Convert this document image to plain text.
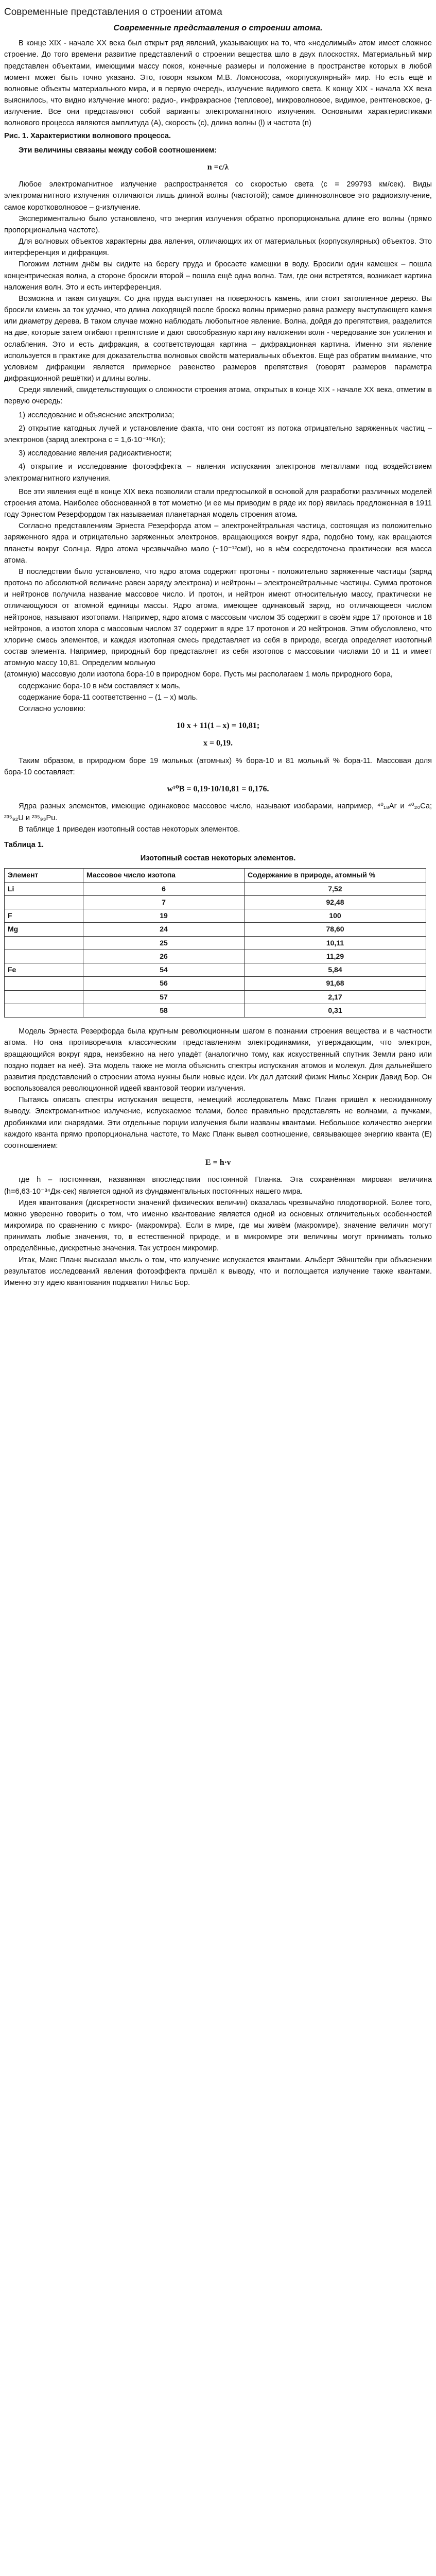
Современные представления о строении атома
Современные представления о строении атома.

В конце XIX - начале XX века был открыт ряд явлений, указывающих на то, что «неделимый» атом имеет сложное строение. До того времени развитие представлений о строении вещества шло в двух плоскостях. Материальный мир представлен объектами, имеющими массу покоя, конечные размеры и положение в пространстве которых в любой момент может быть точно указано. Это, говоря языком М.В. Ломоносова, «корпускулярный» мир. Но есть ещё и волновые объекты материального мира, и в первую очередь, излучение видимого света. К концу XIX - начала XX века выяснилось, что видно излучение много: радио-, инфракрасное (тепловое), микроволновое, видимое, рентгеновское, g-излучение. Все они представляют собой варианты электромагнитного излучения. Основными характеристиками волнового процесса являются амплитуда (A), скорость (c), длина волны (l) и частота (n)

Рис. 1. Характеристики волнового процесса.

Эти величины связаны между собой соотношением:

n =c/λ

Любое электромагнитное излучение распространяется со скоростью света (с = 299793 км/сек). Виды электромагнитного излучения отличаются лишь длиной волны (частотой); самое длинноволновое это радиоизлучение, самое коротковолновое – g-излучение.

Экспериментально было установлено, что энергия излучения обратно пропорциональна длине его волны (прямо пропорциональна частоте).

Для волновых объектов характерны два явления, отличающих их от материальных (корпускулярных) объектов. Это интерференция и дифракция.

Погожим летним днём вы сидите на берегу пруда и бросаете камешки в воду. Бросили один камешек – пошла концентрическая волна, а стороне бросили второй – пошла ещё одна волна. Там, где они встретятся, возникает картина наложения волн. Это и есть интерференция.

Возможна и такая ситуация. Со дна пруда выступает на поверхность камень, или стоит затопленное дерево. Вы бросили камень за ток удачно, что длина лоходящей после броска волны примерно равна размеру выступающего камня или диаметру дерева. В таком случае можно наблюдать любопытное явление. Волна, дойдя до препятствия, разделится на две, которые затем огибают препятствие и дают свособразную картину наложения волн - чередование зон усиления и ослабления. Это и есть дифракция, а соответствующая картина – дифракционная картина. Именно эти явление используется в практике для доказательства волновых свойств материальных объектов. Ещё раз обратим внимание, что условием дифракции является примерное равенство размеров препятствия (говорят размеров параметра дифракционной решётки) и длины волны.

Среди явлений, свидетельствующих о сложности строения атома, открытых в конце XIX - начале XX века, отметим в первую очередь:

1) исследование и объяснение электролиза;

2) открытие катодных лучей и установление факта, что они состоят из потока отрицательно заряженных частиц – электронов (заряд электрона с = 1,6·10⁻¹⁹Кл);

3) исследование явления радиоактивности;

4) открытие и исследование фотоэффекта – явления испускания электронов металлами под воздействием электромагнитного излучения.

Все эти явления ещё в конце XIX века позволили стали предпосылкой в основой для разработки различных моделей строения атома. Наиболее обоснованной в тот мометно (и ее мы приводим в ряде их пор) явилась предложенная в 1911 году Эрнестом Резерфордом так называемая планетарная модель строения атома.

Согласно представлениям Эрнеста Резерфорда атом – электронейтральная частица, состоящая из положительно заряженного ядра и отрицательно заряженных электронов, вращающихся вокруг ядра, подобно тому, как вращаются планеты вокруг Солнца. Ядро атома чрезвычайно мало (~10⁻¹²см!), но в нём сосредоточена практически вся масса атома.

В последствии было установлено, что ядро атома содержит протоны - положительно заряженные частицы (заряд протона по абсолютной величине равен заряду электрона) и нейтроны – электронейтральные частицы. Сумма протонов и нейтронов получила название массовое число. И протон, и нейтрон имеют относительную массу, практически не отличающуюся от атомной единицы массы. Ядро атома, имеющее одинаковый заряд, но отличающееся числом нейтронов, называют изотопами. Например, ядро атома с массовым числом 35 содержит в своём ядре 17 протонов и 18 нейтронов, а изотоп хлора с массовым числом 37 содержит в ядре 17 протонов и 20 нейтронов. Этим обусловлено, что хлорине смесь элементов, и каждая изотопная смесь представляет из себя в природе, всегда определяет изотопный состав элемента. Например, природный бор представляет из себя изотопов с массовыми числами 10 и 11 и имеет атомную массу 10,81. Определим мольную

(атомную) массовую доли изотопа бора-10 в природном боре. Пусть мы располагаем 1 моль природного бора,

содержание бора-10 в нём составляет x моль,

содержание бора-11 соответственно – (1 – x) моль.

Согласно условию:

10 x + 11(1 – x) = 10,81;
x = 0,19.

Таким образом, в природном боре 19 мольных (атомных) % бора-10 и 81 мольный % бора-11. Массовая доля бора-10 составляет:

w¹⁰B = 0,19·10/10,81 = 0,176.

Ядра разных элементов, имеющие одинаковое массовое число, называют изобарами, например, ⁴⁰₁₈Ar и ⁴⁰₂₀Ca; ²³⁵₉₂U и ²³⁵₉₃Pu.

В таблице 1 приведен изотопный состав некоторых элементов.

Таблица 1.
Изотопный состав некоторых элементов.
Элемент	Массовое число изотопа	Содержание в природе, атомный %
Li	6	7,52
	7	92,48
F	19	100
Mg	24	78,60
	25	10,11
	26	11,29
Fe	54	5,84
	56	91,68
	57	2,17
	58	0,31

Модель Эрнеста Резерфорда была крупным революционным шагом в познании строения вещества и в частности атома. Но она противоречила классическим представлениям электродинамики, утверждающим, что электрон, вращающийся вокруг ядра, неизбежно на него упадёт (аналогично тому, как искусственный спутник Земли рано или поздно подает на неё). Эта модель также не могла объяснить спектры испускания атомов и молекул. Для дальнейшего развития представлений о строении атома нужны были новые идеи. Их дал датский физик Нильс Хенрик Давид Бор. Он воспользовался революционной идеей квантовой теории излучения.

Пытаясь описать спектры испускания веществ, немецкий исследователь Макс Планк пришёл к неожиданному выводу. Электромагнитное излучение, испускаемое телами, более правильно представлять не волнами, а пучками, дробинками или снарядами. Эти отдельные порции излучения были названы квантами. Небольшое количество энергии каждого кванта прямо пропорциональна частоте, то Макс Планк вывел соотношение, связывающее энергию кванта (Е) соотношением:

E = h·ν

где h – постоянная, названная впоследствии постоянной Планка. Эта сохранённая мировая величина (h=6,63·10⁻³⁴Дж·сек) является одной из фундаментальных постоянных нашего мира.

Идея квантования (дискретности значений физических величин) оказалась чрезвычайно плодотворной. Более того, можно уверенно говорить о том, что именно квантование является одной из основных отличительных особенностей микромира по сравнению с микро- (макромира). Если в мире, где мы живём (макромире), значение величин могут принимать любые значения, то, в естественной природе, и в микромире эти величины могут принимать только определённые, дискретные значения. Так устроен микромир.

Итак, Макс Планк высказал мысль о том, что излучение испускается квантами. Альберт Эйнштейн при объяснении результатов исследований явления фотоэффекта пришёл к выводу, что и поглощается излучение также квантами. Именно эту идею квантования подхватил Нильс Бор.
